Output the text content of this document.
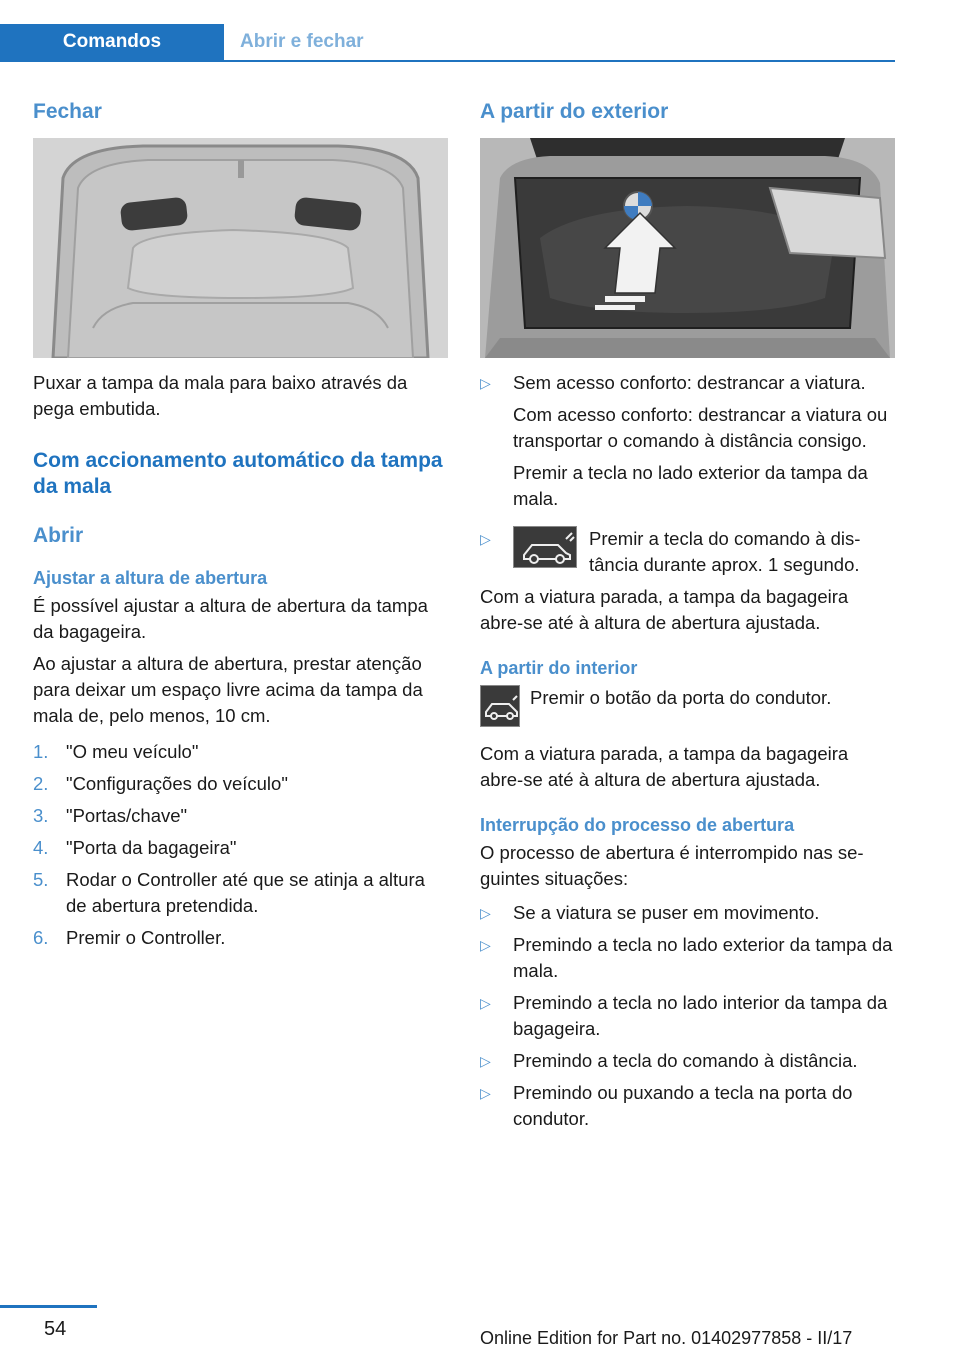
Comandos	Abrir e fechar
Fechar

Puxar a tampa da mala para baixo através da pega embutida.

Com accionamento automático da tampa da mala
Abrir
Ajustar a altura de abertura

É possível ajustar a altura de abertura da tampa da bagageira.

Ao ajustar a altura de abertura, prestar atenção para deixar um espaço livre acima da tampa da mala de, pelo menos, 10 cm.

1. "O meu veículo"
2. "Configurações do veículo"
3. "Portas/chave"
4. "Porta da bagageira"
5. Rodar o Controller até que se atinja a altura de abertura pretendida.
6. Premir o Controller.
A partir do exterior
▷	Sem acesso conforto: destrancar a viatura.
Com acesso conforto: destrancar a viatura ou transportar o comando à distância consigo.
Premir a tecla no lado exterior da tampa da mala.
▷	Premir a tecla do comando à distância durante aprox. 1 segundo.

Com a viatura parada, a tampa da bagageira abre-se até à altura de abertura ajustada.

A partir do interior
Premir o botão da porta do condutor.

Com a viatura parada, a tampa da bagageira abre-se até à altura de abertura ajustada.

Interrupção do processo de abertura

O processo de abertura é interrompido nas seguintes situações:

▷	Se a viatura se puser em movimento.
▷	Premindo a tecla no lado exterior da tampa da mala.
▷	Premindo a tecla no lado interior da tampa da bagageira.
▷	Premindo a tecla do comando à distância.
▷	Premindo ou puxando a tecla na porta do condutor.
54	Online Edition for Part no. 01402977858 - II/17
